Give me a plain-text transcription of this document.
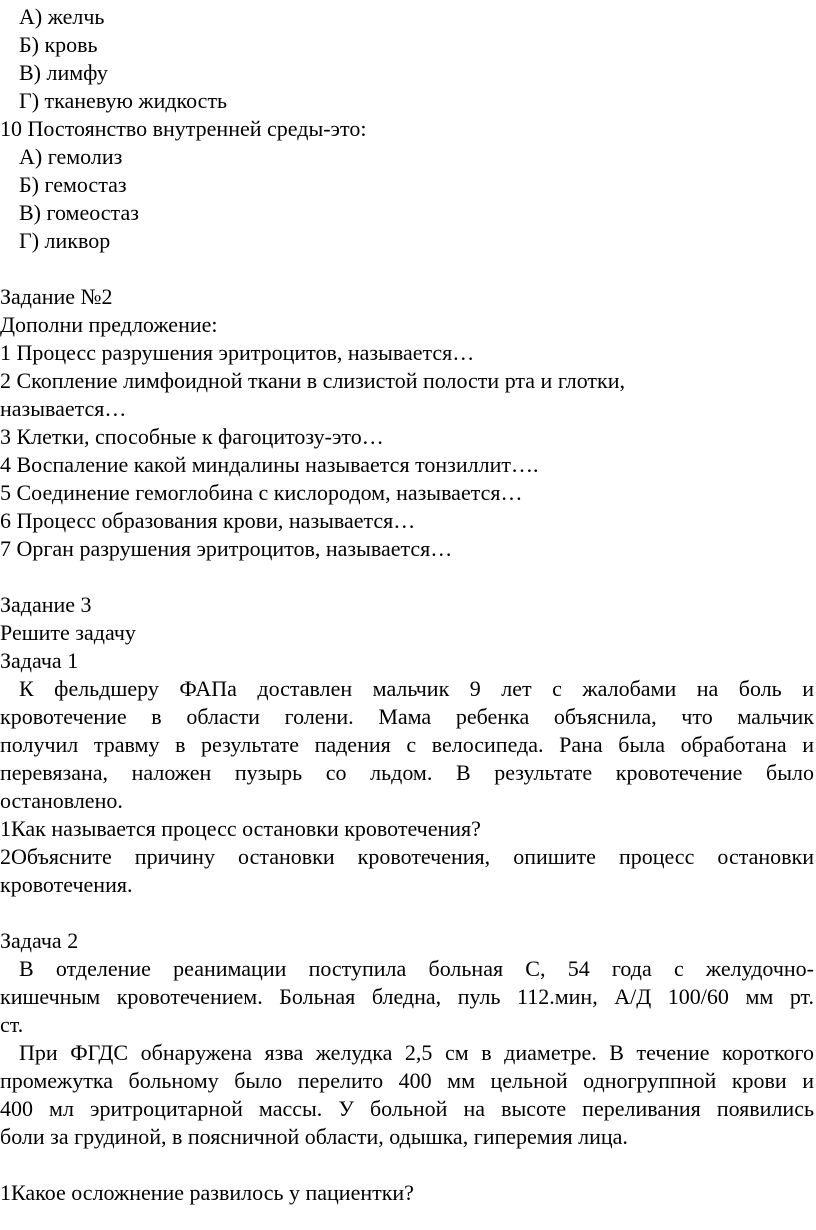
А) желчь
Б) кровь
В) лимфу
Г) тканевую жидкость
10 Постоянство внутренней среды-это:
А) гемолиз
Б) гемостаз
В) гомеостаз
Г) ликвор
Задание №2
Дополни предложение:
1 Процесс разрушения эритроцитов, называется…
2 Скопление лимфоидной ткани в слизистой полости рта и глотки,
называется…
3 Клетки, способные к фагоцитозу-это…
4 Воспаление какой миндалины называется тонзиллит….
5 Соединение гемоглобина с кислородом, называется…
6 Процесс образования крови, называется…
7 Орган разрушения эритроцитов, называется…
Задание 3
Решите задачу
Задача 1
К фельдшеру ФАПа доставлен мальчик 9 лет с жалобами на боль и
кровотечение в области голени. Мама ребенка объяснила, что мальчик
получил травму в результате падения с велосипеда. Рана была обработана и
перевязана, наложен пузырь со льдом. В результате кровотечение было
остановлено.
1Как называется процесс остановки кровотечения?
2Объясните причину остановки кровотечения, опишите процесс остановки
кровотечения.
Задача 2
В отделение реанимации поступила больная С, 54 года с желудочно-
кишечным кровотечением. Больная бледна, пуль 112.мин, А/Д 100/60 мм рт.
ст.
При ФГДС обнаружена язва желудка 2,5 см в диаметре. В течение короткого
промежутка больному было перелито 400 мм цельной одногруппной крови и
400 мл эритроцитарной массы. У больной на высоте переливания появились
боли за грудиной, в поясничной области, одышка, гиперемия лица.
1Какое осложнение развилось у пациентки?
